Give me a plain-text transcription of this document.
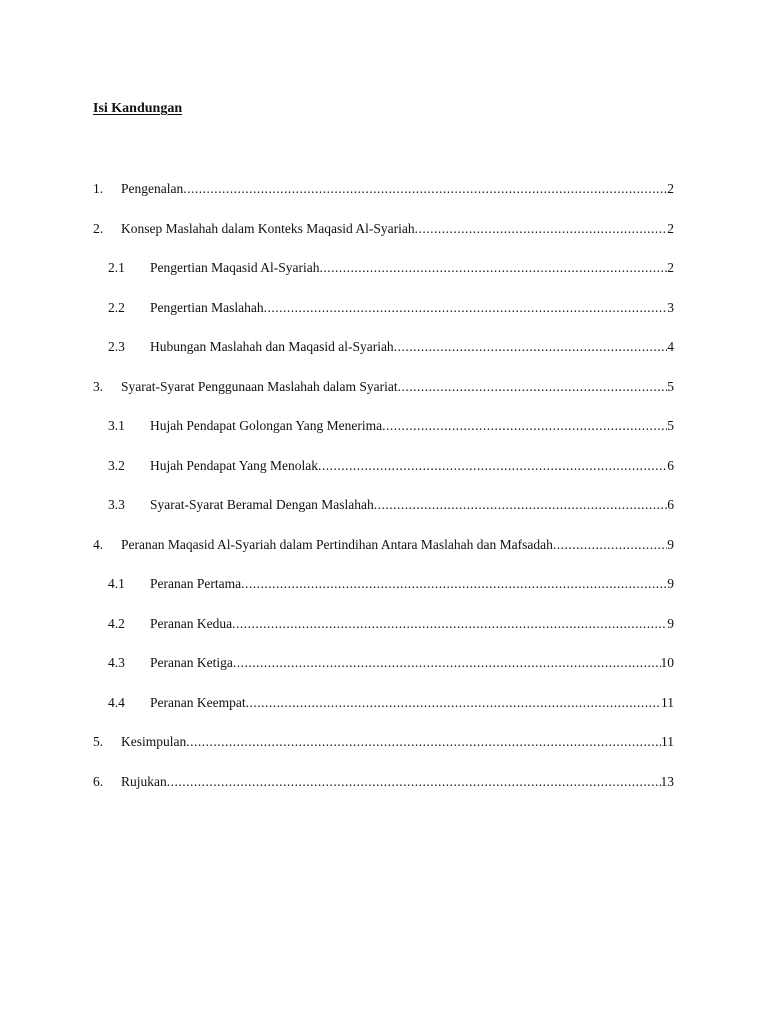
Isi Kandungan
1. Pengenalan .....	2
2. Konsep Maslahah dalam Konteks Maqasid Al-Syariah .....	2
2.1 Pengertian Maqasid Al-Syariah .....	2
2.2 Pengertian Maslahah .....	3
2.3 Hubungan Maslahah dan Maqasid al-Syariah .....	4
3. Syarat-Syarat Penggunaan Maslahah dalam Syariat .....	5
3.1 Hujah Pendapat Golongan Yang Menerima .....	5
3.2 Hujah Pendapat Yang Menolak .....	6
3.3 Syarat-Syarat Beramal Dengan Maslahah .....	6
4. Peranan Maqasid Al-Syariah dalam Pertindihan Antara Maslahah dan Mafsadah .....	9
4.1 Peranan Pertama .....	9
4.2 Peranan Kedua .....	9
4.3 Peranan Ketiga .....	10
4.4 Peranan Keempat .....	11
5. Kesimpulan .....	11
6. Rujukan .....	13
